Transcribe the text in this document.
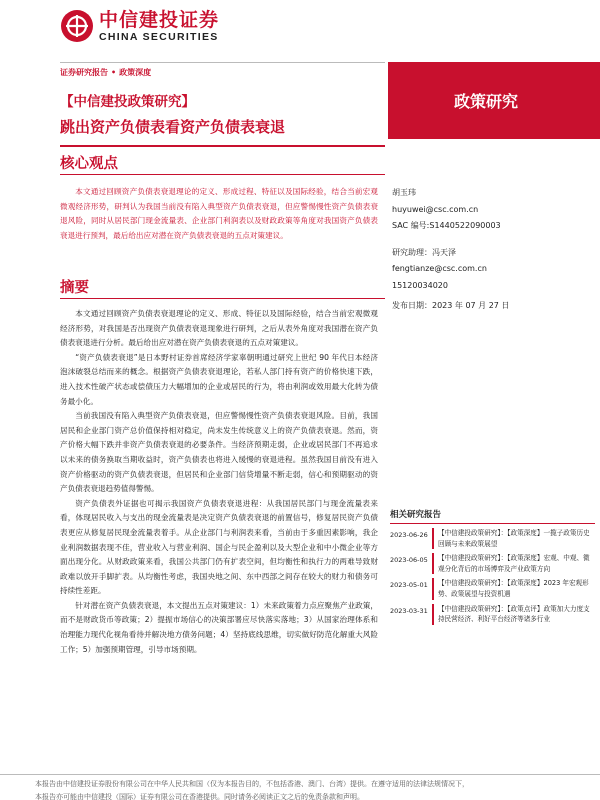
中信建投证券
CHINA SECURITIES
证券研究报告 • 政策深度
政策研究
【中信建投政策研究】
跳出资产负债表看资产负债表衰退
核心观点
本文通过回顾资产负债表衰退理论的定义、形成过程、特征以及国际经验，结合当前宏观微观经济形势，研判认为我国当前没有陷入典型资产负债表衰退，但应警惕慢性资产负债表衰退风险，同时从居民部门现金流量表、企业部门利润表以及财政政策等角度对我国资产负债表衰退进行预判，最后给出应对潜在资产负债表衰退的五点对策建议。
摘要

本文通过回顾资产负债表衰退理论的定义、形成、特征以及国际经验，结合当前宏观微观经济形势，对我国是否出现资产负债表衰退现象进行研判，之后从表外角度对我国潜在资产负债表衰退进行分析。最后给出应对潜在资产负债表衰退的五点对策建议。

“资产负债表衰退”是日本野村证券首席经济学家辜朝明通过研究上世纪 90 年代日本经济泡沫破裂总结而来的概念。根据资产负债表衰退理论，若私人部门持有资产的价格快速下跌，进入技术性破产状态或偿债压力大幅增加的企业或居民的行为，将由利润或效用最大化转为债务最小化。

当前我国没有陷入典型资产负债表衰退，但应警惕慢性资产负债表衰退风险。目前，我国居民和企业部门资产总价值保持相对稳定，尚未发生传统意义上的资产负债表衰退。然而，资产价格大幅下跌并非资产负债表衰退的必要条件。当经济预期走弱，企业或居民部门不再追求以未来的债务换取当期收益时，资产负债表也将进入缓慢的衰退进程。虽然我国目前没有进入资产价格驱动的资产负债表衰退，但居民和企业部门信贷增量不断走弱，信心和预期驱动的资产负债表衰退趋势值得警惕。

资产负债表外证据也可揭示我国资产负债表衰退进程：从我国居民部门与现金流量表来看，体现居民收入与支出的现金流量表是决定资产负债表衰退的前置信号，修复居民资产负债表更应从修复居民现金流量表着手。从企业部门与利润表来看，当前由于多重因素影响，我企业利润数据表现不佳，营业收入与营业利润、国企与民企盈利以及大型企业和中小微企业等方面出现分化。从财政政策来看，我国公共部门仍有扩表空间，但均衡性和执行力的两难导致财政难以放开手脚扩表。从均衡性考虑，我国央地之间、东中西部之间存在较大的财力和债务可持续性差距。

针对潜在资产负债表衰退，本文提出五点对策建议：1）未来政策着力点应聚焦产业政策，而不是财政货币等政策；2）提振市场信心的决策部署应尽快落实落地；3）从国家治理体系和治理能力现代化视角看待并解决地方债务问题；4）坚持底线思维，切实做好防范化解重大风险工作；5）加强预期管理，引导市场预期。

胡玉玮
huyuwei@csc.com.cn
SAC 编号:S1440522090003
研究助理：冯天泽
fengtianze@csc.com.cn
15120034020
发布日期：2023 年 07 月 27 日
相关研究报告
2023-06-26	【中信建投政策研究】：【政策深度】一揽子政策历史回顾与未来政策展望
2023-06-05	【中信建投政策研究】：【政策深度】宏观、中观、微观分化背后的市场博弈及产业政策方向
2023-05-01	【中信建投政策研究】：【政策深度】2023 年宏观形势、政策展望与投资机遇
2023-03-31	【中信建投政策研究】：【政策点评】政策加大力度支持民营经济、利好平台经济等诸多行业
本报告由中信建投证券股份有限公司在中华人民共和国（仅为本报告目的，不包括香港、澳门、台湾）提供。在遵守适用的法律法规情况下，
本报告亦可能由中信建投（国际）证券有限公司在香港提供。同时请务必阅读正文之后的免责条款和声明。
